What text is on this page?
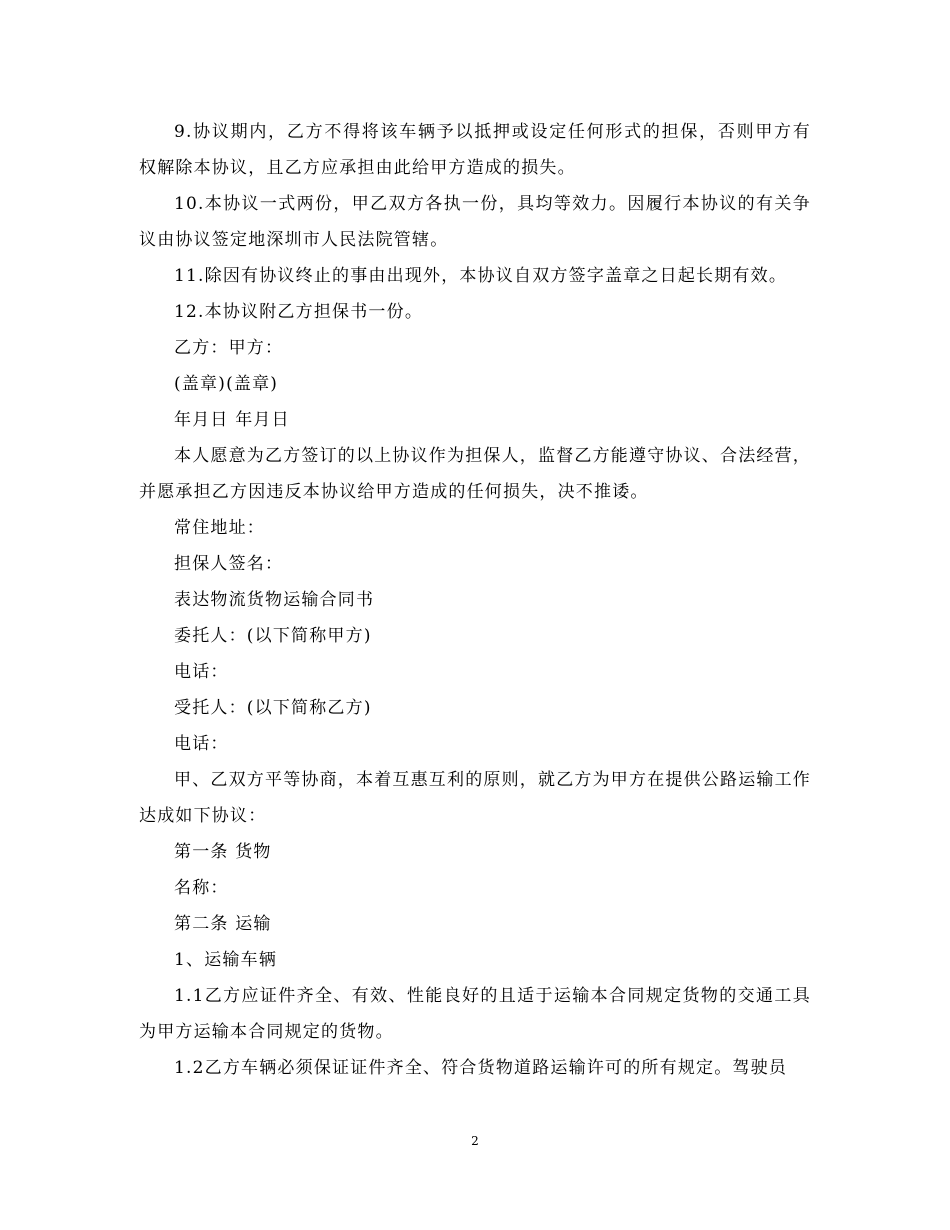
9.协议期内，乙方不得将该车辆予以抵押或设定任何形式的担保，否则甲方有权解除本协议，且乙方应承担由此给甲方造成的损失。

10.本协议一式两份，甲乙双方各执一份，具均等效力。因履行本协议的有关争议由协议签定地深圳市人民法院管辖。

11.除因有协议终止的事由出现外，本协议自双方签字盖章之日起长期有效。

12.本协议附乙方担保书一份。

乙方：甲方：

(盖章)(盖章)

年月日 年月日

本人愿意为乙方签订的以上协议作为担保人，监督乙方能遵守协议、合法经营，并愿承担乙方因违反本协议给甲方造成的任何损失，决不推诿。

常住地址：

担保人签名：

表达物流货物运输合同书

委托人：(以下简称甲方)

电话：

受托人：(以下简称乙方)

电话：

甲、乙双方平等协商，本着互惠互利的原则，就乙方为甲方在提供公路运输工作达成如下协议：

第一条 货物

名称：

第二条 运输

1、运输车辆

1.1乙方应证件齐全、有效、性能良好的且适于运输本合同规定货物的交通工具为甲方运输本合同规定的货物。

1.2乙方车辆必须保证证件齐全、符合货物道路运输许可的所有规定。驾驶员

2
